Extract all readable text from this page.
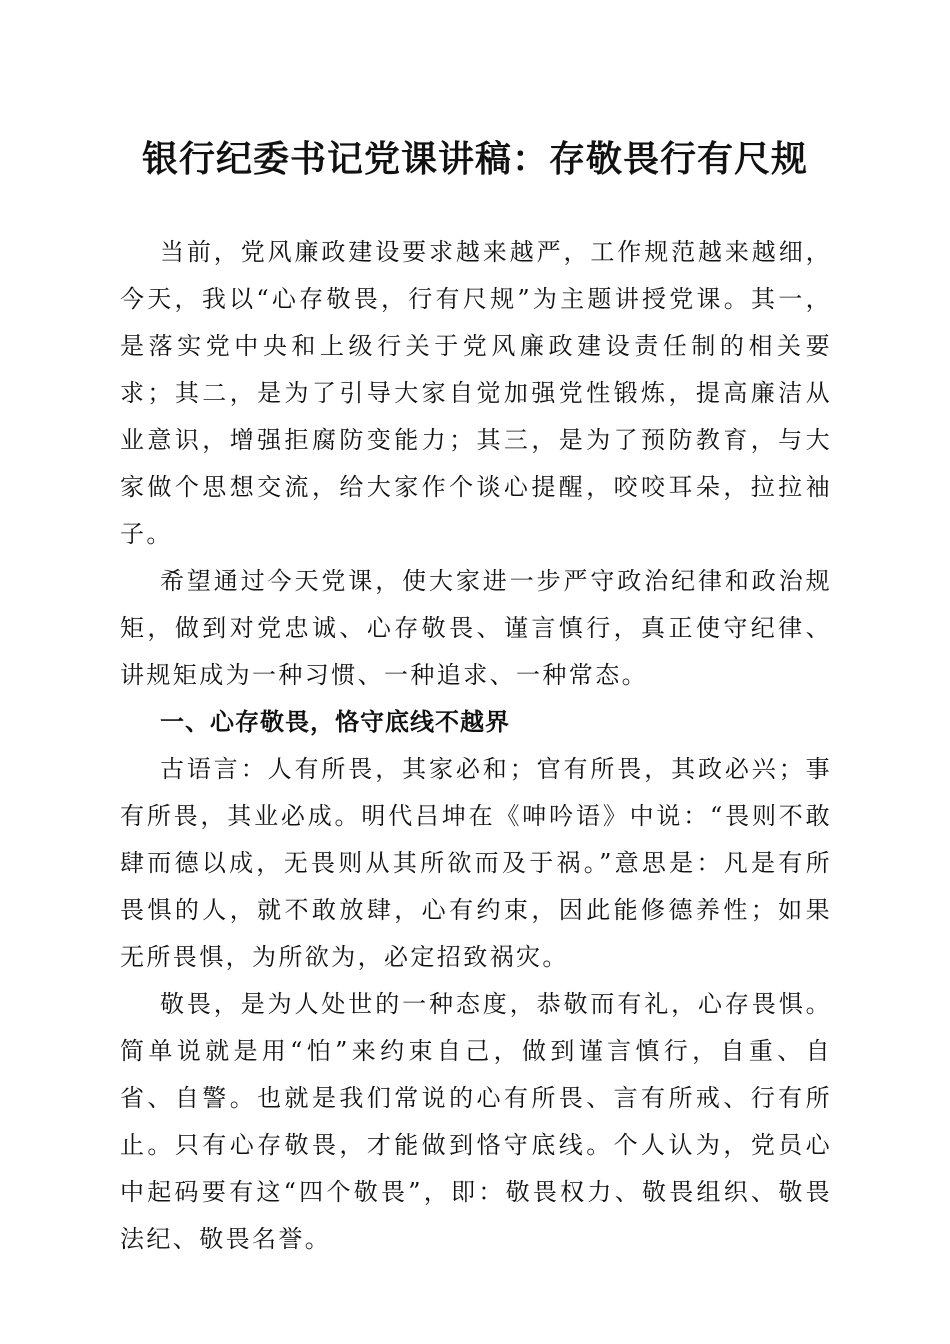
银行纪委书记党课讲稿：存敬畏行有尺规

当前，党风廉政建设要求越来越严，工作规范越来越细，今天，我以“心存敬畏，行有尺规”为主题讲授党课。其一，是落实党中央和上级行关于党风廉政建设责任制的相关要求；其二，是为了引导大家自觉加强党性锻炼，提高廉洁从业意识，增强拒腐防变能力；其三，是为了预防教育，与大家做个思想交流，给大家作个谈心提醒，咬咬耳朵，拉拉袖子。

希望通过今天党课，使大家进一步严守政治纪律和政治规矩，做到对党忠诚、心存敬畏、谨言慎行，真正使守纪律、讲规矩成为一种习惯、一种追求、一种常态。

一、心存敬畏，恪守底线不越界

古语言：人有所畏，其家必和；官有所畏，其政必兴；事有所畏，其业必成。明代吕坤在《呻吟语》中说：“畏则不敢肆而德以成，无畏则从其所欲而及于祸。”意思是：凡是有所畏惧的人，就不敢放肆，心有约束，因此能修德养性；如果无所畏惧，为所欲为，必定招致祸灾。

敬畏，是为人处世的一种态度，恭敬而有礼，心存畏惧。简单说就是用“怕”来约束自己，做到谨言慎行，自重、自省、自警。也就是我们常说的心有所畏、言有所戒、行有所止。只有心存敬畏，才能做到恪守底线。个人认为，党员心中起码要有这“四个敬畏”，即：敬畏权力、敬畏组织、敬畏法纪、敬畏名誉。
